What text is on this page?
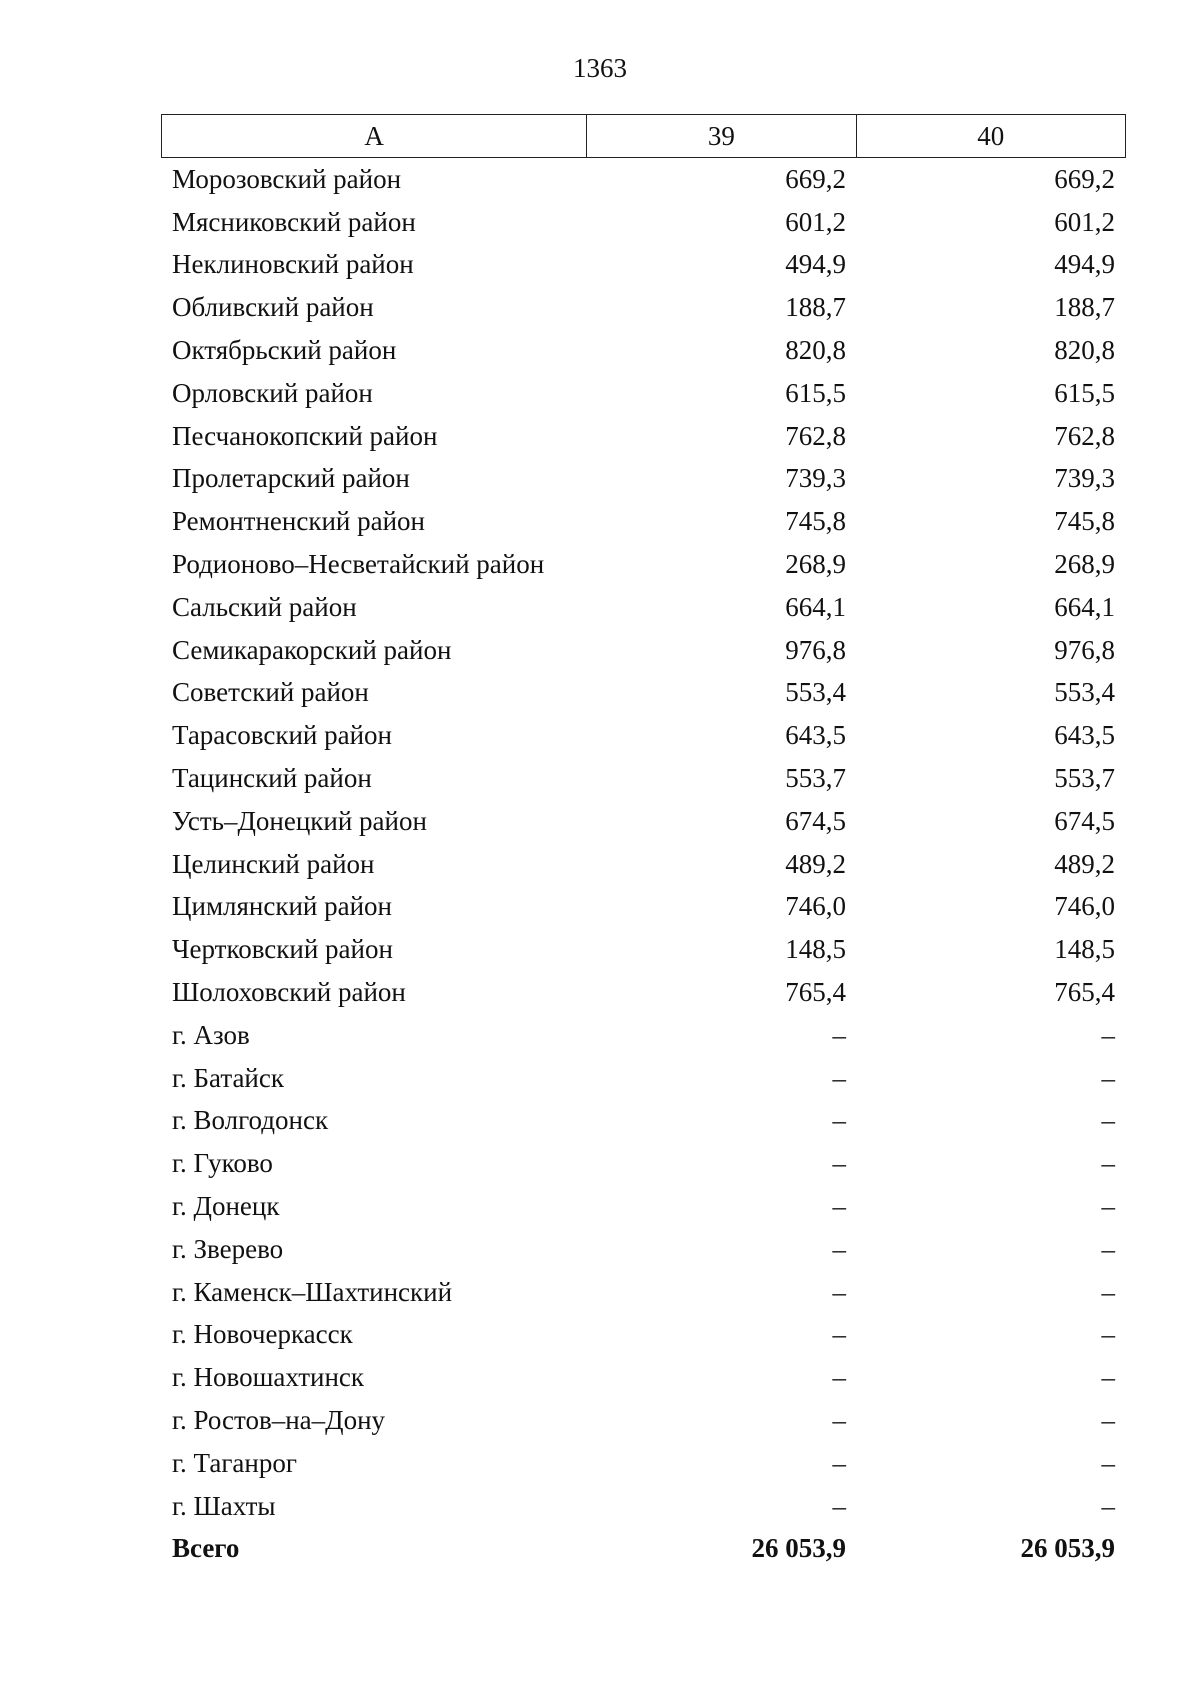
1363
А	39	40
Морозовский район	669,2	669,2
Мясниковский район	601,2	601,2
Неклиновский район	494,9	494,9
Обливский район	188,7	188,7
Октябрьский район	820,8	820,8
Орловский район	615,5	615,5
Песчанокопский район	762,8	762,8
Пролетарский район	739,3	739,3
Ремонтненский район	745,8	745,8
Родионово–Несветайский район	268,9	268,9
Сальский район	664,1	664,1
Семикаракорский район	976,8	976,8
Советский район	553,4	553,4
Тарасовский район	643,5	643,5
Тацинский район	553,7	553,7
Усть–Донецкий район	674,5	674,5
Целинский район	489,2	489,2
Цимлянский район	746,0	746,0
Чертковский район	148,5	148,5
Шолоховский район	765,4	765,4
г. Азов	–	–
г. Батайск	–	–
г. Волгодонск	–	–
г. Гуково	–	–
г. Донецк	–	–
г. Зверево	–	–
г. Каменск–Шахтинский	–	–
г. Новочеркасск	–	–
г. Новошахтинск	–	–
г. Ростов–на–Дону	–	–
г. Таганрог	–	–
г. Шахты	–	–
Всего	26 053,9	26 053,9
